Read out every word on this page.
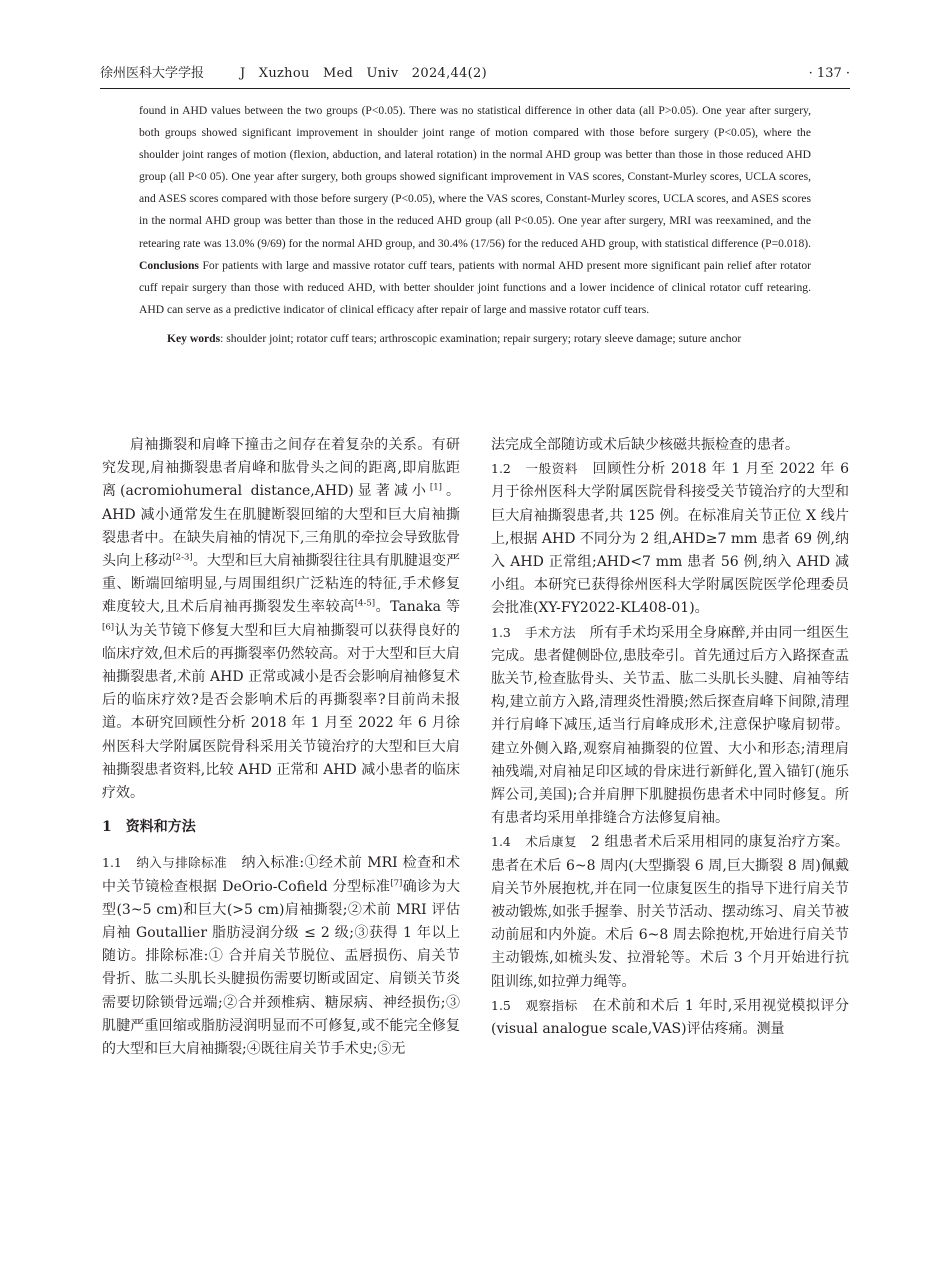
徐州医科大学学报	J   Xuzhou   Med   Univ   2024,44(2)	· 137 ·

found in AHD values between the two groups (P<0.05). There was no statistical difference in other data (all P>0.05). One year after surgery, both groups showed significant improvement in shoulder joint range of motion compared with those before surgery (P<0.05), where the shoulder joint ranges of motion (flexion, abduction, and lateral rotation) in the normal AHD group was better than those in those reduced AHD group (all P<0 05). One year after surgery, both groups showed significant improvement in VAS scores, Constant-Murley scores, UCLA scores, and ASES scores compared with those before surgery (P<0.05), where the VAS scores, Constant-Murley scores, UCLA scores, and ASES scores in the normal AHD group was better than those in the reduced AHD group (all P<0.05). One year after surgery, MRI was reexamined, and the retearing rate was 13.0% (9/69) for the normal AHD group, and 30.4% (17/56) for the reduced AHD group, with statistical difference (P=0.018). Conclusions For patients with large and massive rotator cuff tears, patients with normal AHD present more significant pain relief after rotator cuff repair surgery than those with reduced AHD, with better shoulder joint functions and a lower incidence of clinical rotator cuff retearing. AHD can serve as a predictive indicator of clinical efficacy after repair of large and massive rotator cuff tears.

Key words: shoulder joint; rotator cuff tears; arthroscopic examination; repair surgery; rotary sleeve damage; suture anchor

肩袖撕裂和肩峰下撞击之间存在着复杂的关系。有研究发现,肩袖撕裂患者肩峰和肱骨头之间的距离,即肩肱距离(acromiohumeral distance,AHD)显著减小[1]。AHD 减小通常发生在肌腱断裂回缩的大型和巨大肩袖撕裂患者中。在缺失肩袖的情况下,三角肌的牵拉会导致肱骨头向上移动[2-3]。大型和巨大肩袖撕裂往往具有肌腱退变严重、断端回缩明显,与周围组织广泛粘连的特征,手术修复难度较大,且术后肩袖再撕裂发生率较高[4-5]。Tanaka 等[6]认为关节镜下修复大型和巨大肩袖撕裂可以获得良好的临床疗效,但术后的再撕裂率仍然较高。对于大型和巨大肩袖撕裂患者,术前 AHD 正常或减小是否会影响肩袖修复术后的临床疗效?是否会影响术后的再撕裂率?目前尚未报道。本研究回顾性分析 2018 年 1 月至 2022 年 6 月徐州医科大学附属医院骨科采用关节镜治疗的大型和巨大肩袖撕裂患者资料,比较 AHD 正常和 AHD 减小患者的临床疗效。

1 资料和方法

1.1  纳入与排除标准  纳入标准:①经术前 MRI 检查和术中关节镜检查根据 DeOrio-Cofield 分型标准[7]确诊为大型(3~5 cm)和巨大(>5 cm)肩袖撕裂;②术前 MRI 评估肩袖 Goutallier 脂肪浸润分级 ≤ 2 级;③获得 1 年以上随访。排除标准:① 合并肩关节脱位、盂唇损伤、肩关节骨折、肱二头肌长头腱损伤需要切断或固定、肩锁关节炎需要切除锁骨远端;②合并颈椎病、糖尿病、神经损伤;③肌腱严重回缩或脂肪浸润明显而不可修复,或不能完全修复的大型和巨大肩袖撕裂;④既往肩关节手术史;⑤无

法完成全部随访或术后缺少核磁共振检查的患者。

1.2  一般资料  回顾性分析 2018 年 1 月至 2022 年 6 月于徐州医科大学附属医院骨科接受关节镜治疗的大型和巨大肩袖撕裂患者,共 125 例。在标准肩关节正位 X 线片上,根据 AHD 不同分为 2 组,AHD≥7 mm 患者 69 例,纳入 AHD 正常组;AHD<7 mm 患者 56 例,纳入 AHD 减小组。本研究已获得徐州医科大学附属医院医学伦理委员会批准(XY-FY2022-KL408-01)。

1.3  手术方法  所有手术均采用全身麻醉,并由同一组医生完成。患者健侧卧位,患肢牵引。首先通过后方入路探查盂肱关节,检查肱骨头、关节盂、肱二头肌长头腱、肩袖等结构,建立前方入路,清理炎性滑膜;然后探查肩峰下间隙,清理并行肩峰下减压,适当行肩峰成形术,注意保护喙肩韧带。建立外侧入路,观察肩袖撕裂的位置、大小和形态;清理肩袖残端,对肩袖足印区域的骨床进行新鲜化,置入锚钉(施乐辉公司,美国);合并肩胛下肌腱损伤患者术中同时修复。所有患者均采用单排缝合方法修复肩袖。

1.4  术后康复  2 组患者术后采用相同的康复治疗方案。患者在术后 6~8 周内(大型撕裂 6 周,巨大撕裂 8 周)佩戴肩关节外展抱枕,并在同一位康复医生的指导下进行肩关节被动锻炼,如张手握拳、肘关节活动、摆动练习、肩关节被动前屈和内外旋。术后 6~8 周去除抱枕,开始进行肩关节主动锻炼,如梳头发、拉滑轮等。术后 3 个月开始进行抗阻训练,如拉弹力绳等。

1.5  观察指标  在术前和术后 1 年时,采用视觉模拟评分(visual analogue scale,VAS)评估疼痛。测量
